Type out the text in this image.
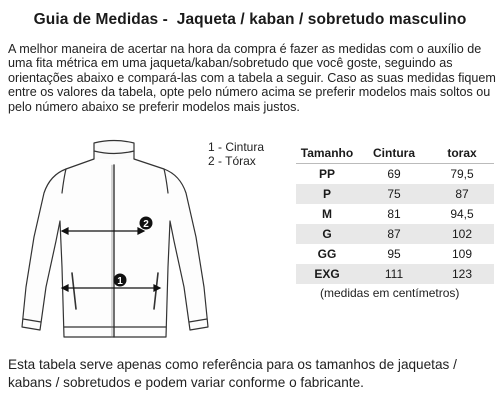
Guia de Medidas -  Jaqueta / kaban / sobretudo masculino
A melhor maneira de acertar na hora da compra é fazer as medidas com o auxílio de uma fita métrica em uma jaqueta/kaban/sobretudo que você goste, seguindo as orientações abaixo e compará-las com a tabela a seguir. Caso as suas medidas fiquem entre os valores da tabela, opte pelo número acima se preferir modelos mais soltos ou pelo número abaixo se preferir modelos mais justos.
2
1
1 - Cintura
2 - Tórax
Tamanho	Cintura	torax
PP	69	79,5
P	75	87
M	81	94,5
G	87	102
GG	95	109
EXG	111	123
(medidas em centímetros)
Esta tabela serve apenas como referência para os tamanhos de jaquetas / kabans / sobretudos e podem variar conforme o fabricante.
